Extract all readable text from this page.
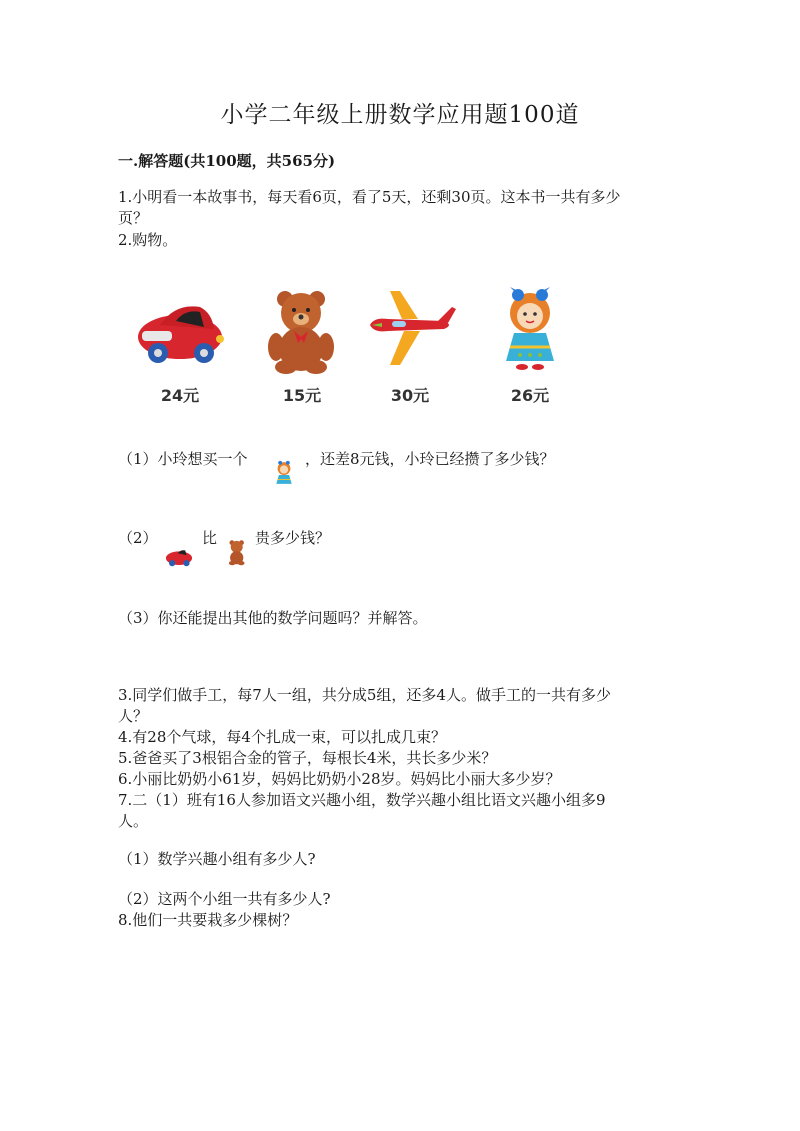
小学二年级上册数学应用题100道
一.解答题(共100题，共565分)
1.小明看一本故事书，每天看6页，看了5天，还剩30页。这本书一共有多少
页？
2.购物。
24元	15元	30元	26元
（1）小玲想买一个	，还差8元钱，小玲已经攒了多少钱？
（2）	比	贵多少钱？
（3）你还能提出其他的数学问题吗？并解答。
3.同学们做手工，每7人一组，共分成5组，还多4人。做手工的一共有多少
人？
4.有28个气球，每4个扎成一束，可以扎成几束？
5.爸爸买了3根铝合金的管子，每根长4米，共长多少米？
6.小丽比奶奶小61岁，妈妈比奶奶小28岁。妈妈比小丽大多少岁？
7.二（1）班有16人参加语文兴趣小组，数学兴趣小组比语文兴趣小组多9
人。
（1）数学兴趣小组有多少人?
（2）这两个小组一共有多少人?
8.他们一共要栽多少棵树？
